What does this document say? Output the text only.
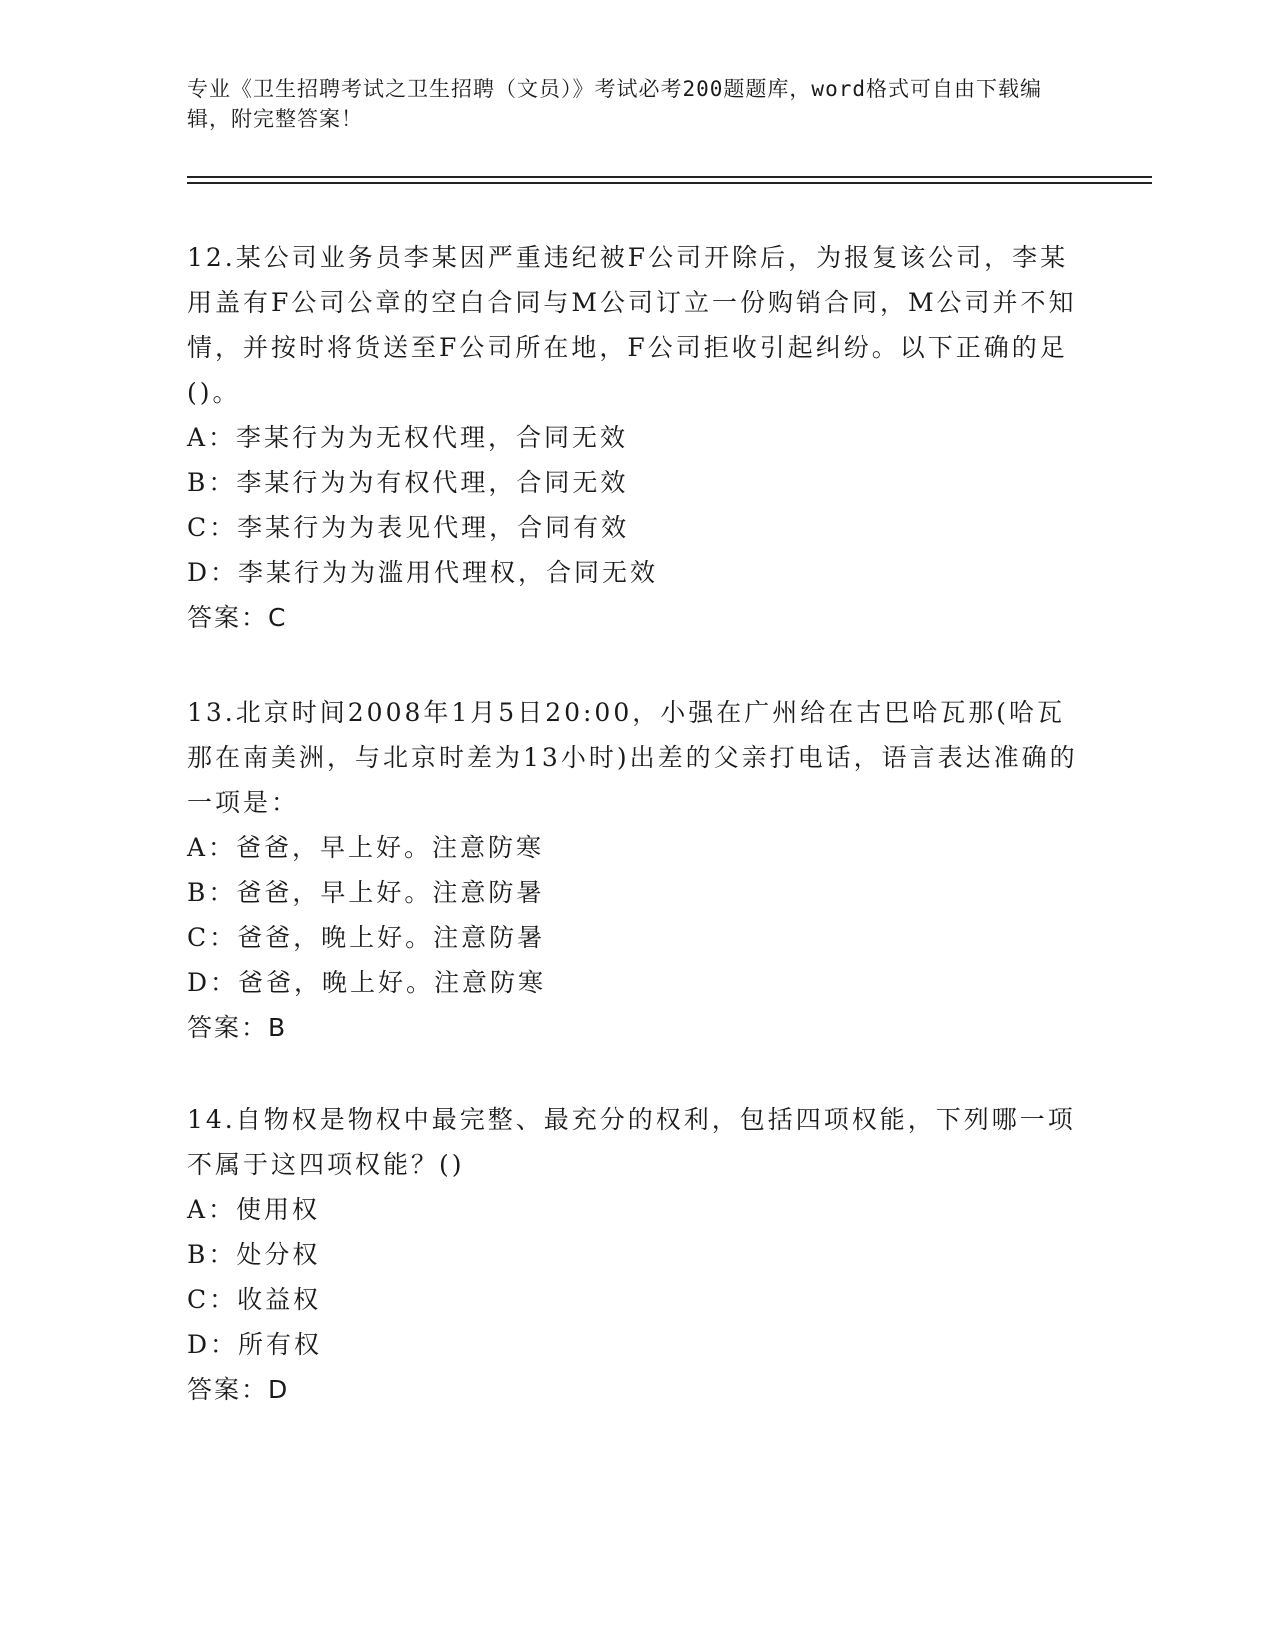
专业《卫生招聘考试之卫生招聘（文员）》考试必考200题题库，word格式可自由下载编辑，附完整答案！

12.某公司业务员李某因严重违纪被F公司开除后，为报复该公司，李某用盖有F公司公章的空白合同与M公司订立一份购销合同，M公司并不知情，并按时将货送至F公司所在地，F公司拒收引起纠纷。以下正确的足()。

A：李某行为为无权代理，合同无效

B：李某行为为有权代理，合同无效

C：李某行为为表见代理，合同有效

D：李某行为为滥用代理权，合同无效

答案：C

13.北京时间2008年1月5日20:00，小强在广州给在古巴哈瓦那(哈瓦那在南美洲，与北京时差为13小时)出差的父亲打电话，语言表达准确的一项是：

A：爸爸，早上好。注意防寒

B：爸爸，早上好。注意防暑

C：爸爸，晚上好。注意防暑

D：爸爸，晚上好。注意防寒

答案：B

14.自物权是物权中最完整、最充分的权利，包括四项权能，下列哪一项不属于这四项权能？()

A：使用权

B：处分权

C：收益权

D：所有权

答案：D
